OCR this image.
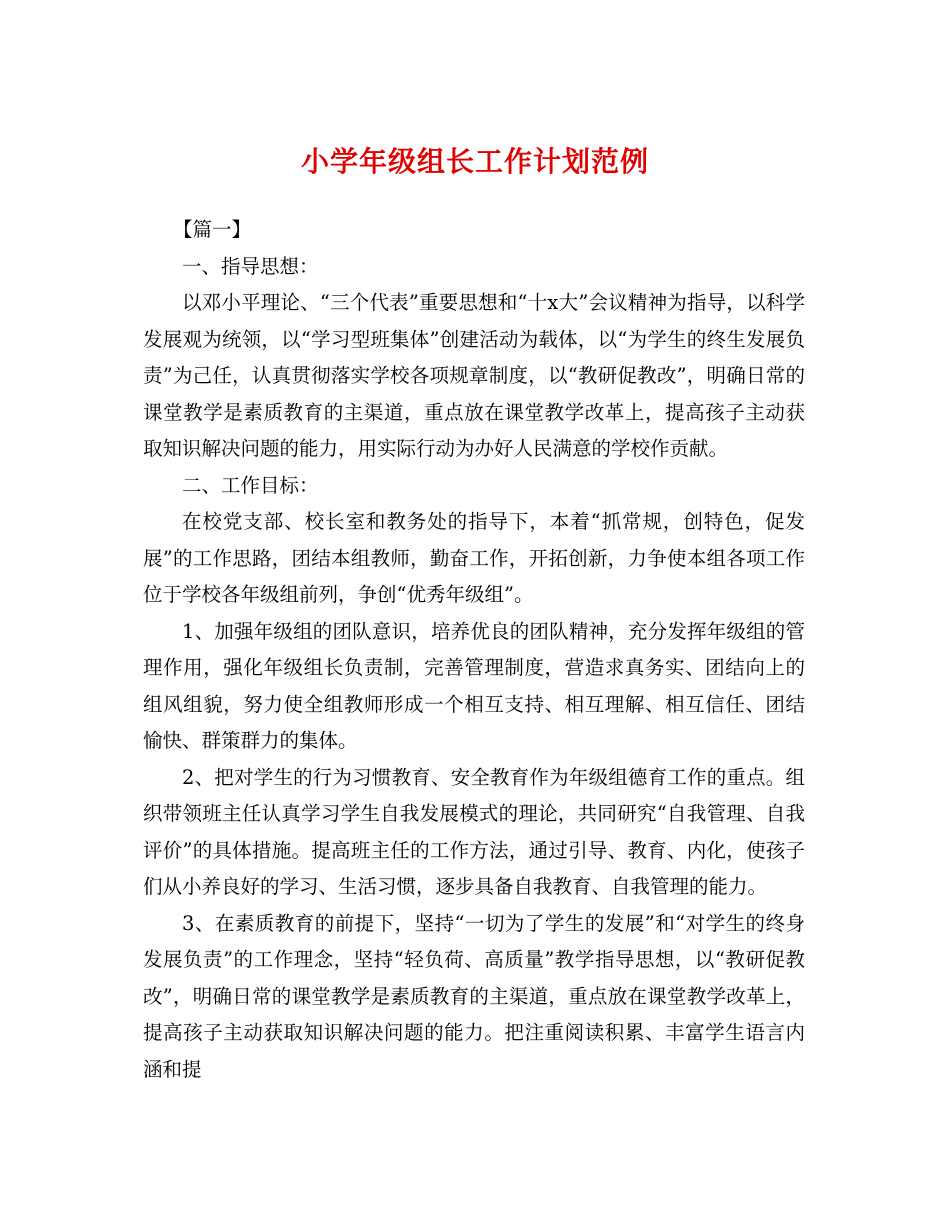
小学年级组长工作计划范例

【篇一】

一、指导思想：

以邓小平理论、“三个代表”重要思想和“十x大”会议精神为指导，以科学发展观为统领，以“学习型班集体”创建活动为载体，以“为学生的终生发展负责”为己任，认真贯彻落实学校各项规章制度，以“教研促教改”，明确日常的课堂教学是素质教育的主渠道，重点放在课堂教学改革上，提高孩子主动获取知识解决问题的能力，用实际行动为办好人民满意的学校作贡献。

二、工作目标：

在校党支部、校长室和教务处的指导下，本着“抓常规，创特色，促发展”的工作思路，团结本组教师，勤奋工作，开拓创新，力争使本组各项工作位于学校各年级组前列，争创“优秀年级组”。

1、加强年级组的团队意识，培养优良的团队精神，充分发挥年级组的管理作用，强化年级组长负责制，完善管理制度，营造求真务实、团结向上的组风组貌，努力使全组教师形成一个相互支持、相互理解、相互信任、团结愉快、群策群力的集体。

2、把对学生的行为习惯教育、安全教育作为年级组德育工作的重点。组织带领班主任认真学习学生自我发展模式的理论，共同研究“自我管理、自我评价”的具体措施。提高班主任的工作方法，通过引导、教育、内化，使孩子们从小养良好的学习、生活习惯，逐步具备自我教育、自我管理的能力。

3、在素质教育的前提下，坚持“一切为了学生的发展”和“对学生的终身发展负责”的工作理念，坚持“轻负荷、高质量”教学指导思想，以“教研促教改”，明确日常的课堂教学是素质教育的主渠道，重点放在课堂教学改革上，提高孩子主动获取知识解决问题的能力。把注重阅读积累、丰富学生语言内涵和提
